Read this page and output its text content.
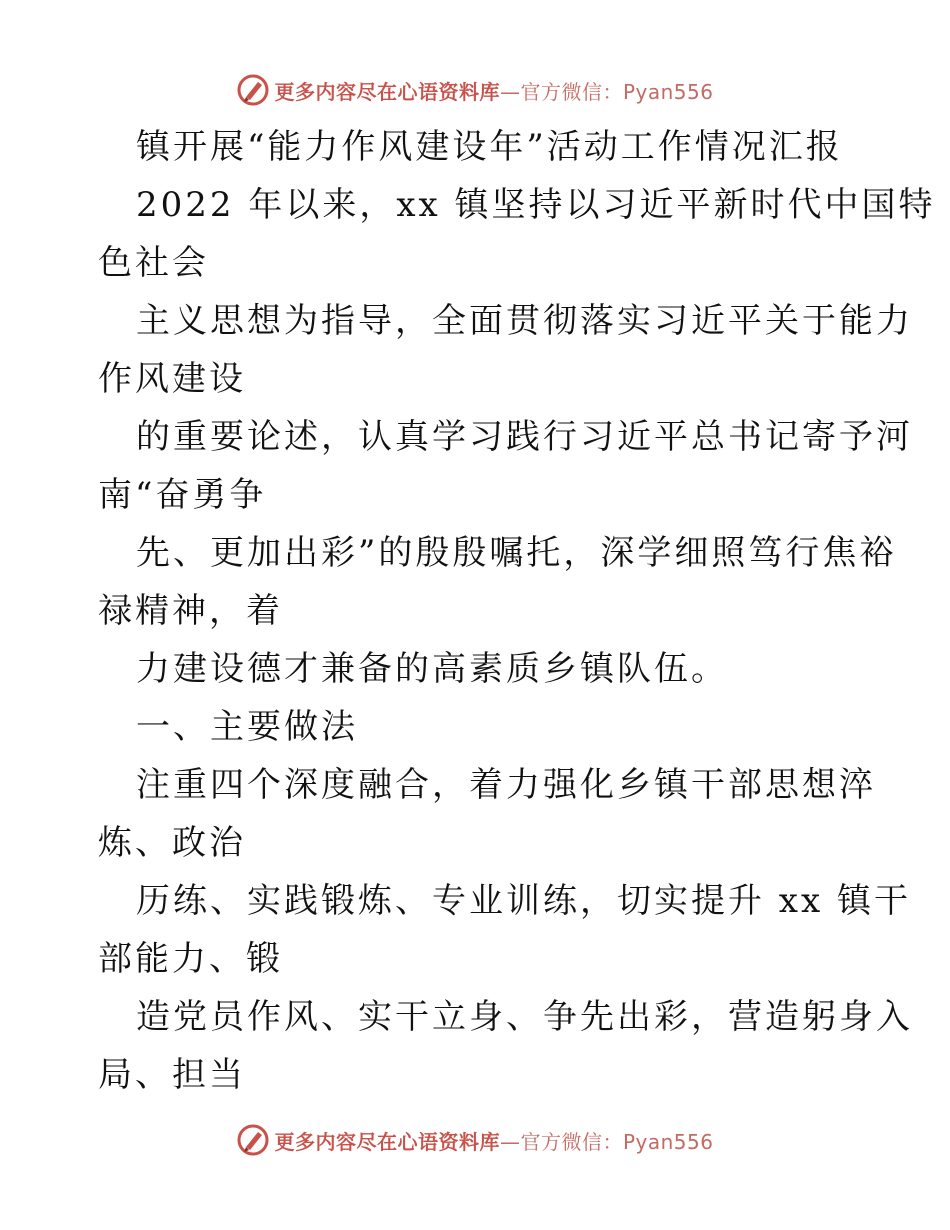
更多内容尽在心语资料库—官方微信：Pyan556
镇开展“能力作风建设年”活动工作情况汇报
2022 年以来，xx 镇坚持以习近平新时代中国特
色社会
主义思想为指导，全面贯彻落实习近平关于能力
作风建设
的重要论述，认真学习践行习近平总书记寄予河
南“奋勇争
先、更加出彩”的殷殷嘱托，深学细照笃行焦裕
禄精神，着
力建设德才兼备的高素质乡镇队伍。
一、主要做法
注重四个深度融合，着力强化乡镇干部思想淬
炼、政治
历练、实践锻炼、专业训练，切实提升 xx 镇干
部能力、锻
造党员作风、实干立身、争先出彩，营造躬身入
局、担当
更多内容尽在心语资料库—官方微信：Pyan556
